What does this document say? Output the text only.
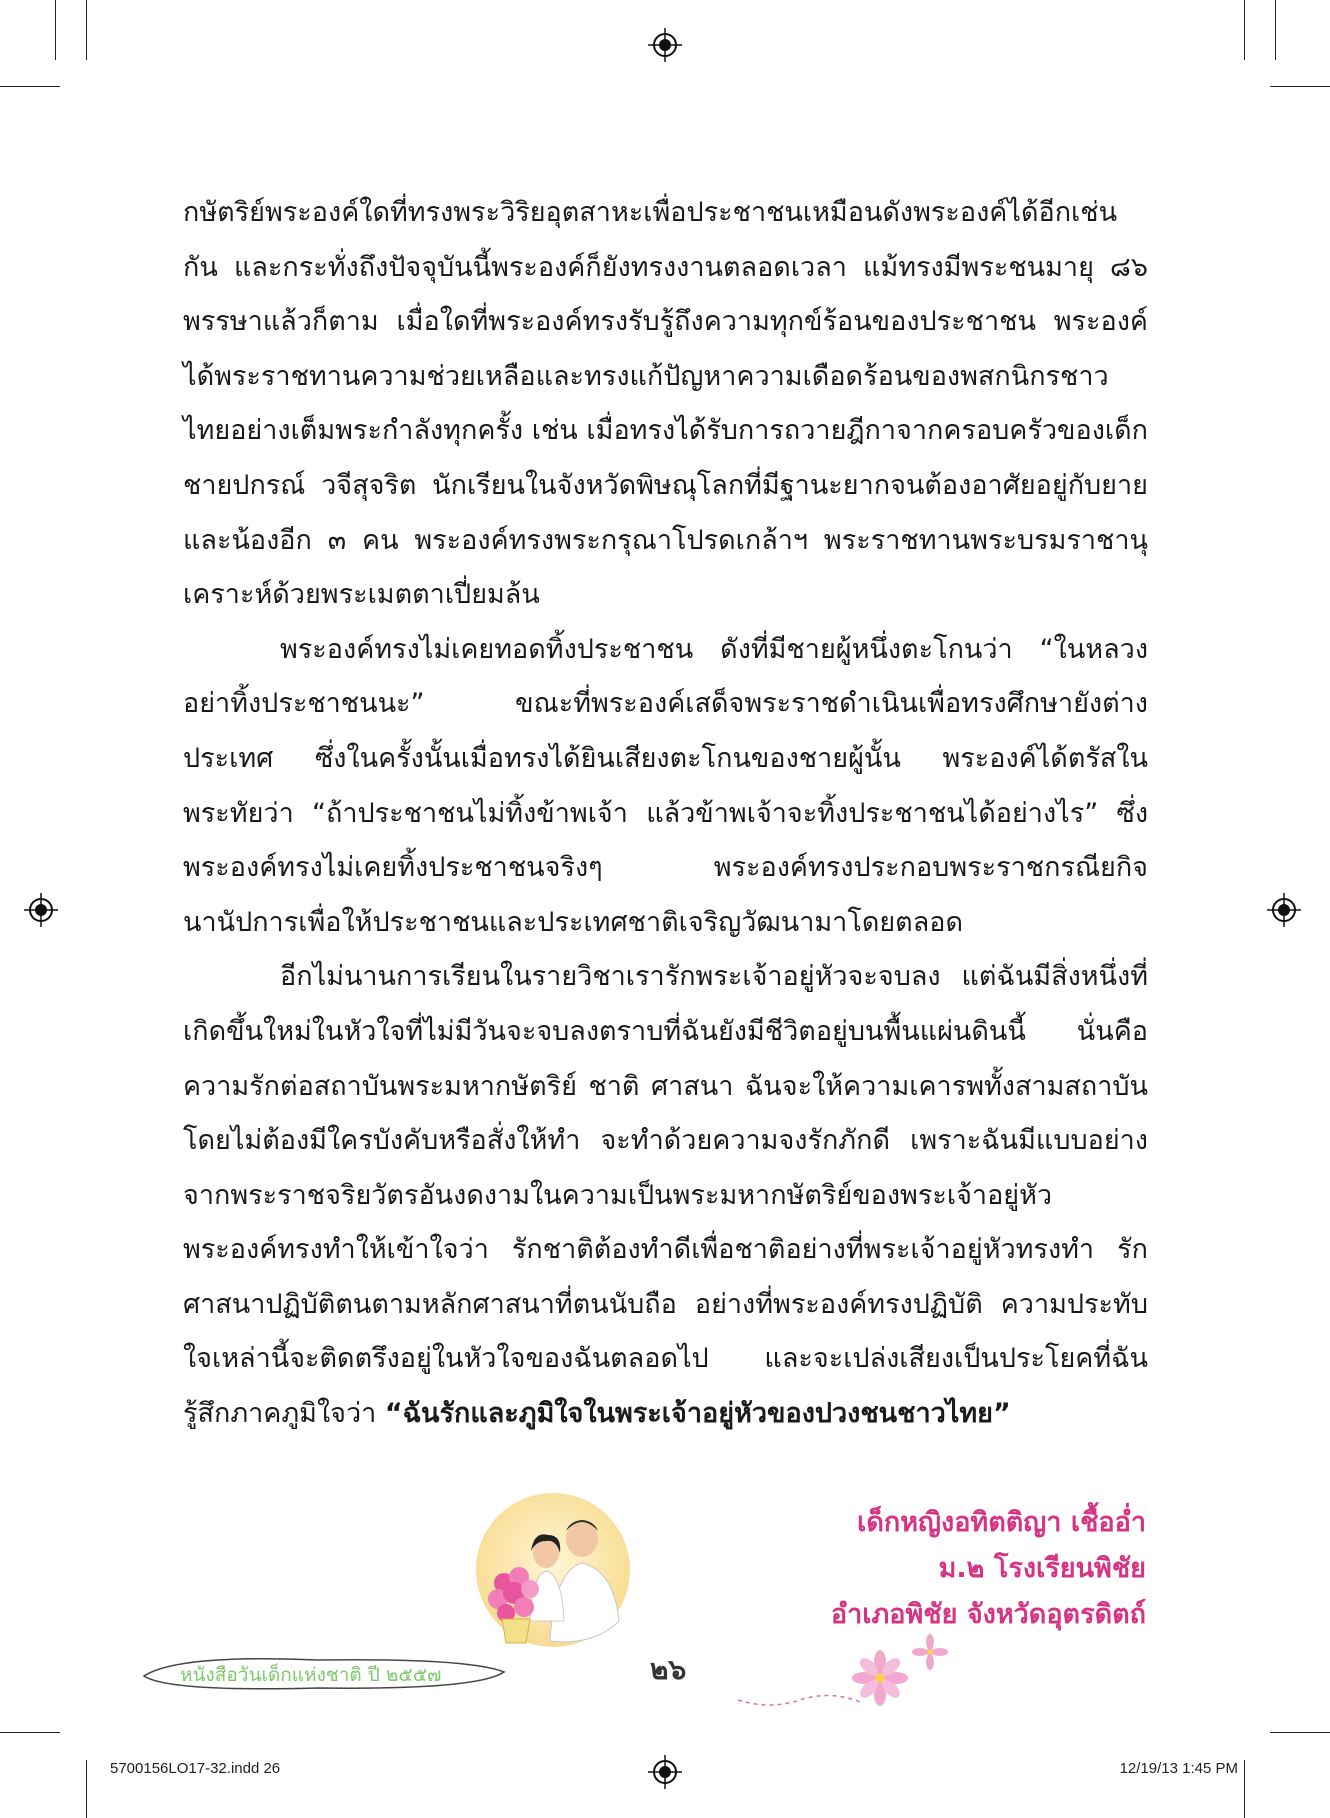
กษัตริย์พระองค์ใดที่ทรงพระวิริยอุตสาหะเพื่อประชาชนเหมือนดังพระองค์ได้อีกเช่นกัน และกระทั่งถึงปัจจุบันนี้พระองค์ก็ยังทรงงานตลอดเวลา แม้ทรงมีพระชนมายุ ๘๖ พรรษาแล้วก็ตาม เมื่อใดที่พระองค์ทรงรับรู้ถึงความทุกข์ร้อนของประชาชน พระองค์ได้พระราชทานความช่วยเหลือและทรงแก้ปัญหาความเดือดร้อนของพสกนิกรชาวไทยอย่างเต็มพระกำลังทุกครั้ง เช่น เมื่อทรงได้รับการถวายฎีกาจากครอบครัวของเด็กชายปกรณ์ วจีสุจริต นักเรียนในจังหวัดพิษณุโลกที่มีฐานะยากจนต้องอาศัยอยู่กับยายและน้องอีก ๓ คน พระองค์ทรงพระกรุณาโปรดเกล้าฯ พระราชทานพระบรมราชานุเคราะห์ด้วยพระเมตตาเปี่ยมล้น

พระองค์ทรงไม่เคยทอดทิ้งประชาชน ดังที่มีชายผู้หนึ่งตะโกนว่า “ในหลวงอย่าทิ้งประชาชนนะ” ขณะที่พระองค์เสด็จพระราชดำเนินเพื่อทรงศึกษายังต่างประเทศ ซึ่งในครั้งนั้นเมื่อทรงได้ยินเสียงตะโกนของชายผู้นั้น พระองค์ได้ตรัสในพระทัยว่า “ถ้าประชาชนไม่ทิ้งข้าพเจ้า แล้วข้าพเจ้าจะทิ้งประชาชนได้อย่างไร” ซึ่งพระองค์ทรงไม่เคยทิ้งประชาชนจริงๆ พระองค์ทรงประกอบพระราชกรณียกิจนานัปการเพื่อให้ประชาชนและประเทศชาติเจริญวัฒนามาโดยตลอด

อีกไม่นานการเรียนในรายวิชาเรารักพระเจ้าอยู่หัวจะจบลง แต่ฉันมีสิ่งหนึ่งที่เกิดขึ้นใหม่ในหัวใจที่ไม่มีวันจะจบลงตราบที่ฉันยังมีชีวิตอยู่บนพื้นแผ่นดินนี้ นั่นคือความรักต่อสถาบันพระมหากษัตริย์ ชาติ ศาสนา ฉันจะให้ความเคารพทั้งสามสถาบันโดยไม่ต้องมีใครบังคับหรือสั่งให้ทำ จะทำด้วยความจงรักภักดี เพราะฉันมีแบบอย่างจากพระราชจริยวัตรอันงดงามในความเป็นพระมหากษัตริย์ของพระเจ้าอยู่หัว พระองค์ทรงทำให้เข้าใจว่า รักชาติต้องทำดีเพื่อชาติอย่างที่พระเจ้าอยู่หัวทรงทำ รักศาสนาปฏิบัติตนตามหลักศาสนาที่ตนนับถือ อย่างที่พระองค์ทรงปฏิบัติ ความประทับใจเหล่านี้จะติดตรึงอยู่ในหัวใจของฉันตลอดไป และจะเปล่งเสียงเป็นประโยคที่ฉันรู้สึกภาคภูมิใจว่า “ฉันรักและภูมิใจในพระเจ้าอยู่หัวของปวงชนชาวไทย”

เด็กหญิงอทิตติญา เชื้ออ่ำ
ม.๒ โรงเรียนพิชัย
อำเภอพิชัย จังหวัดอุตรดิตถ์
หนังสือวันเด็กแห่งชาติ ปี ๒๕๕๗	๒๖
5700156LO17-32.indd 26	12/19/13 1:45 PM
